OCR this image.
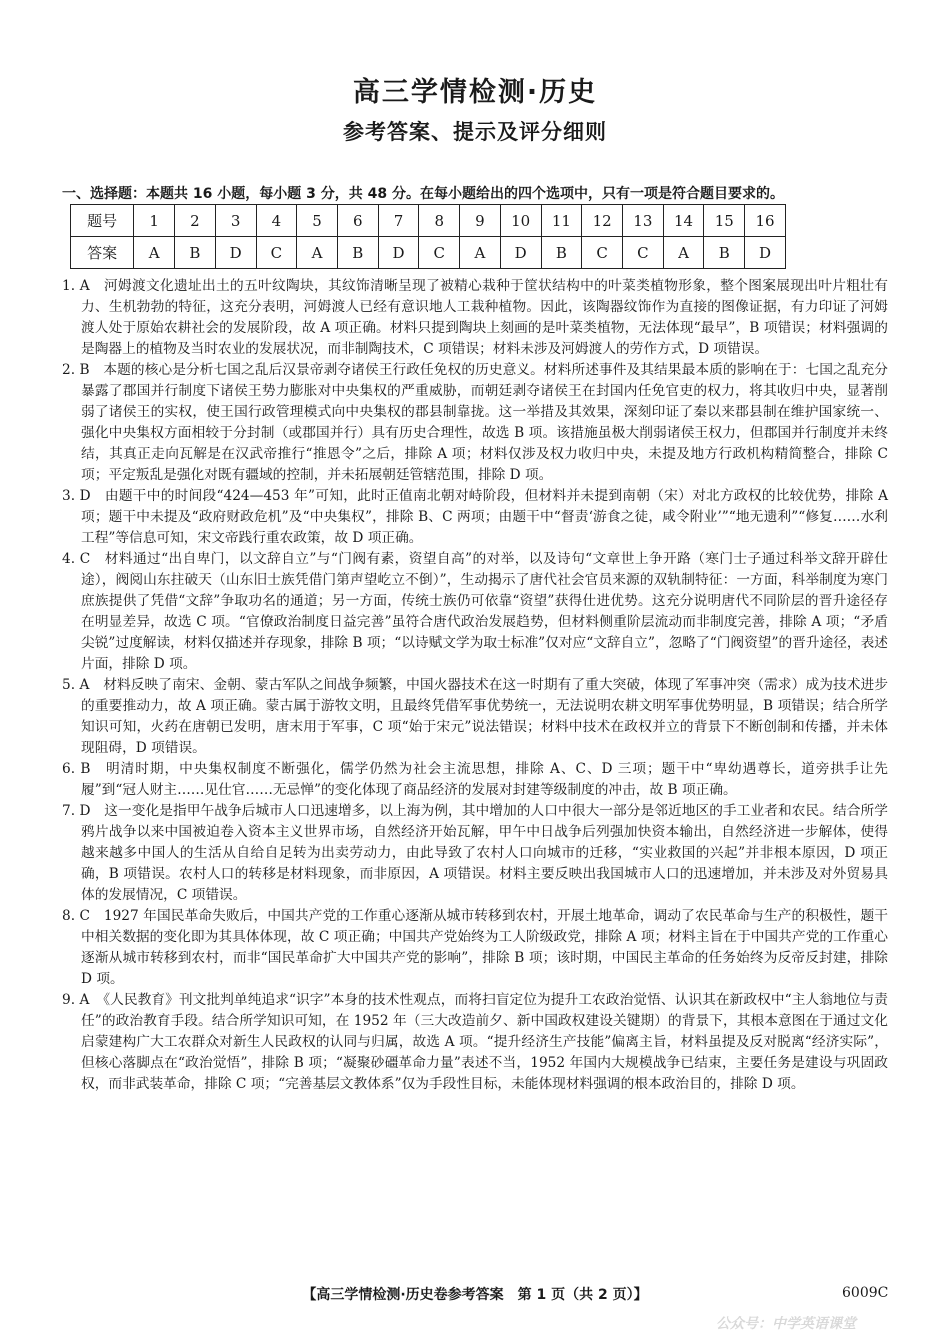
高三学情检测·历史
参考答案、提示及评分细则
一、选择题：本题共 16 小题，每小题 3 分，共 48 分。在每小题给出的四个选项中，只有一项是符合题目要求的。
题号	1	2	3	4	5	6	7	8	9	10	11	12	13	14	15	16
答案	A	B	D	C	A	B	D	C	A	D	B	C	C	A	B	D

1. A　河姆渡文化遗址出土的五叶纹陶块，其纹饰清晰呈现了被精心栽种于筐状结构中的叶菜类植物形象，整个图案展现出叶片粗壮有力、生机勃勃的特征，这充分表明，河姆渡人已经有意识地人工栽种植物。因此，该陶器纹饰作为直接的图像证据，有力印证了河姆渡人处于原始农耕社会的发展阶段，故 A 项正确。材料只提到陶块上刻画的是叶菜类植物，无法体现“最早”，B 项错误；材料强调的是陶器上的植物及当时农业的发展状况，而非制陶技术，C 项错误；材料未涉及河姆渡人的劳作方式，D 项错误。

2. B　本题的核心是分析七国之乱后汉景帝剥夺诸侯王行政任免权的历史意义。材料所述事件及其结果最本质的影响在于：七国之乱充分暴露了郡国并行制度下诸侯王势力膨胀对中央集权的严重威胁，而朝廷剥夺诸侯王在封国内任免官吏的权力，将其收归中央，显著削弱了诸侯王的实权，使王国行政管理模式向中央集权的郡县制靠拢。这一举措及其效果，深刻印证了秦以来郡县制在维护国家统一、强化中央集权方面相较于分封制（或郡国并行）具有历史合理性，故选 B 项。该措施虽极大削弱诸侯王权力，但郡国并行制度并未终结，其真正走向瓦解是在汉武帝推行“推恩令”之后，排除 A 项；材料仅涉及权力收归中央，未提及地方行政机构精简整合，排除 C 项；平定叛乱是强化对既有疆域的控制，并未拓展朝廷管辖范围，排除 D 项。

3. D　由题干中的时间段“424—453 年”可知，此时正值南北朝对峙阶段，但材料并未提到南朝（宋）对北方政权的比较优势，排除 A 项；题干中未提及“政府财政危机”及“中央集权”，排除 B、C 两项；由题干中“督责‘游食之徒，咸令附业’”“地无遗利”“修复……水利工程”等信息可知，宋文帝践行重农政策，故 D 项正确。

4. C　材料通过“出自卑门，以文辞自立”与“门阀有素，资望自高”的对举，以及诗句“文章世上争开路（寒门士子通过科举文辞开辟仕途），阀阅山东拄破天（山东旧士族凭借门第声望屹立不倒）”，生动揭示了唐代社会官员来源的双轨制特征：一方面，科举制度为寒门庶族提供了凭借“文辞”争取功名的通道；另一方面，传统士族仍可依靠“资望”获得仕进优势。这充分说明唐代不同阶层的晋升途径存在明显差异，故选 C 项。“官僚政治制度日益完善”虽符合唐代政治发展趋势，但材料侧重阶层流动而非制度完善，排除 A 项；“矛盾尖锐”过度解读，材料仅描述并存现象，排除 B 项；“以诗赋文学为取士标准”仅对应“文辞自立”，忽略了“门阀资望”的晋升途径，表述片面，排除 D 项。

5. A　材料反映了南宋、金朝、蒙古军队之间战争频繁，中国火器技术在这一时期有了重大突破，体现了军事冲突（需求）成为技术进步的重要推动力，故 A 项正确。蒙古属于游牧文明，且最终凭借军事优势统一，无法说明农耕文明军事优势明显，B 项错误；结合所学知识可知，火药在唐朝已发明，唐末用于军事，C 项“始于宋元”说法错误；材料中技术在政权并立的背景下不断创制和传播，并未体现阻碍，D 项错误。

6. B　明清时期，中央集权制度不断强化，儒学仍然为社会主流思想，排除 A、C、D 三项；题干中“卑幼遇尊长，道旁拱手让先履”到“冠人财主……见仕官……无忌惮”的变化体现了商品经济的发展对封建等级制度的冲击，故 B 项正确。

7. D　这一变化是指甲午战争后城市人口迅速增多，以上海为例，其中增加的人口中很大一部分是邻近地区的手工业者和农民。结合所学鸦片战争以来中国被迫卷入资本主义世界市场，自然经济开始瓦解，甲午中日战争后列强加快资本输出，自然经济进一步解体，使得越来越多中国人的生活从自给自足转为出卖劳动力，由此导致了农村人口向城市的迁移，“实业救国的兴起”并非根本原因，D 项正确，B 项错误。农村人口的转移是材料现象，而非原因，A 项错误。材料主要反映出我国城市人口的迅速增加，并未涉及对外贸易具体的发展情况，C 项错误。

8. C　1927 年国民革命失败后，中国共产党的工作重心逐渐从城市转移到农村，开展土地革命，调动了农民革命与生产的积极性，题干中相关数据的变化即为其具体体现，故 C 项正确；中国共产党始终为工人阶级政党，排除 A 项；材料主旨在于中国共产党的工作重心逐渐从城市转移到农村，而非“国民革命扩大中国共产党的影响”，排除 B 项；该时期，中国民主革命的任务始终为反帝反封建，排除 D 项。

9. A　《人民教育》刊文批判单纯追求“识字”本身的技术性观点，而将扫盲定位为提升工农政治觉悟、认识其在新政权中“主人翁地位与责任”的政治教育手段。结合所学知识可知，在 1952 年（三大改造前夕、新中国政权建设关键期）的背景下，其根本意图在于通过文化启蒙建构广大工农群众对新生人民政权的认同与归属，故选 A 项。“提升经济生产技能”偏离主旨，材料虽提及反对脱离“经济实际”，但核心落脚点在“政治觉悟”，排除 B 项；“凝聚砂礓革命力量”表述不当，1952 年国内大规模战争已结束，主要任务是建设与巩固政权，而非武装革命，排除 C 项；“完善基层文教体系”仅为手段性目标，未能体现材料强调的根本政治目的，排除 D 项。

【高三学情检测·历史卷参考答案　第 1 页（共 2 页）】	6009C
公众号：中学英语课堂
